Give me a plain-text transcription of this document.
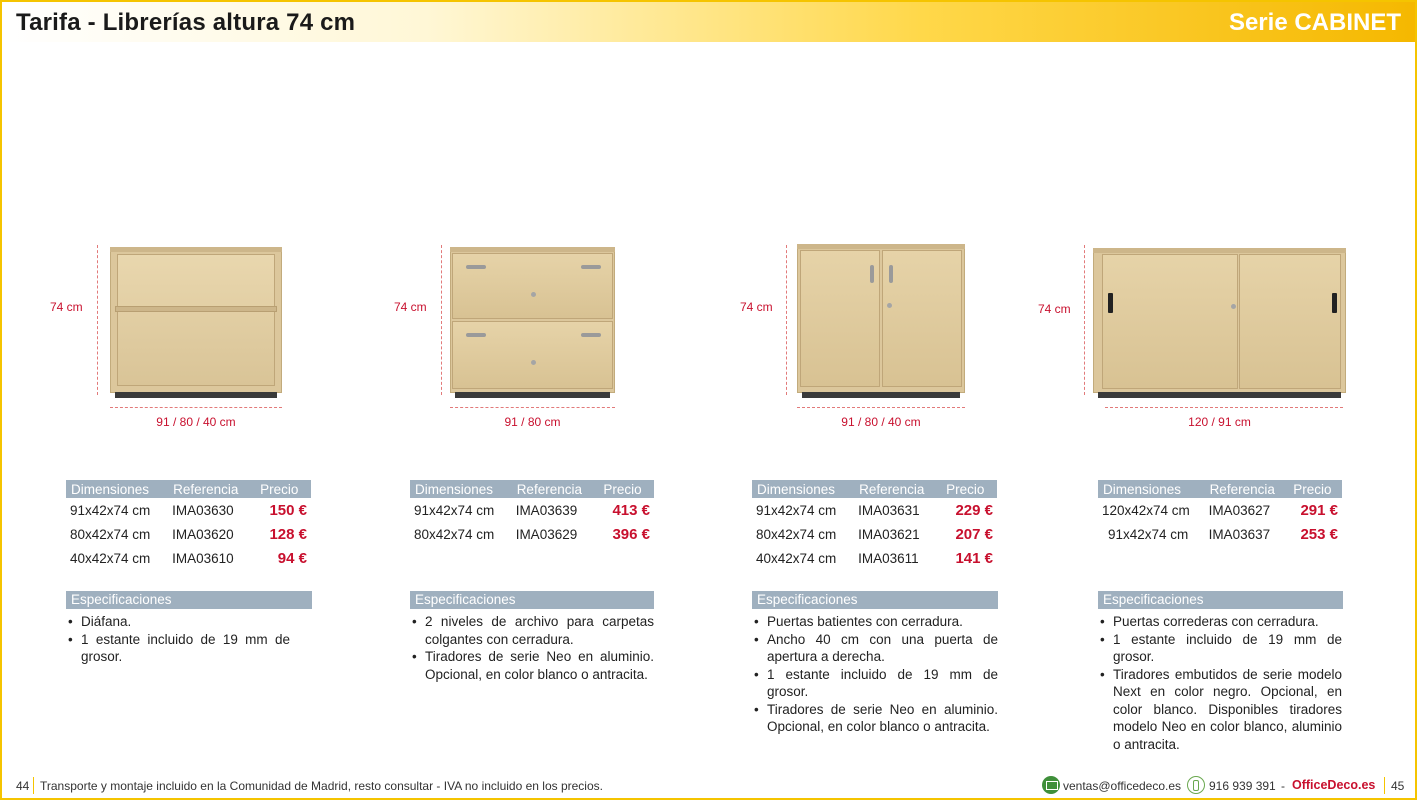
Tarifa - Librerías altura 74 cm	Serie CABINET
74 cm
91 / 80 / 40 cm
Dimensiones	Referencia	Precio
91x42x74 cm	IMA03630	150 €
80x42x74 cm	IMA03620	128 €
40x42x74 cm	IMA03610	94 €
Especificaciones
• Diáfana.
• 1 estante incluido de 19 mm de grosor.
74 cm
91 / 80 cm
Dimensiones	Referencia	Precio
91x42x74 cm	IMA03639	413 €
80x42x74 cm	IMA03629	396 €
Especificaciones
• 2 niveles de archivo para carpetas colgantes con cerradura.
• Tiradores de serie Neo en aluminio. Opcional, en color blanco o antracita.
74 cm
91 / 80 / 40 cm
Dimensiones	Referencia	Precio
91x42x74 cm	IMA03631	229 €
80x42x74 cm	IMA03621	207 €
40x42x74 cm	IMA03611	141 €
Especificaciones
• Puertas batientes con cerradura.
• Ancho 40 cm con una puerta de apertura a derecha.
• 1 estante incluido de 19 mm de grosor.
• Tiradores de serie Neo en aluminio. Opcional, en color blanco o antracita.
74 cm
120 / 91 cm
Dimensiones	Referencia	Precio
120x42x74 cm	IMA03627	291 €
91x42x74 cm	IMA03637	253 €
Especificaciones
• Puertas correderas con cerradura.
• 1 estante incluido de 19 mm de grosor.
• Tiradores embutidos de serie modelo Next en color negro. Opcional, en color blanco. Disponibles tiradores modelo Neo en color blanco, aluminio o antracita.
44 Transporte y montaje incluido en la Comunidad de Madrid, resto consultar - IVA no incluido en los precios.	ventas@officedeco.es 916 939 391 - OfficeDeco.es 45
